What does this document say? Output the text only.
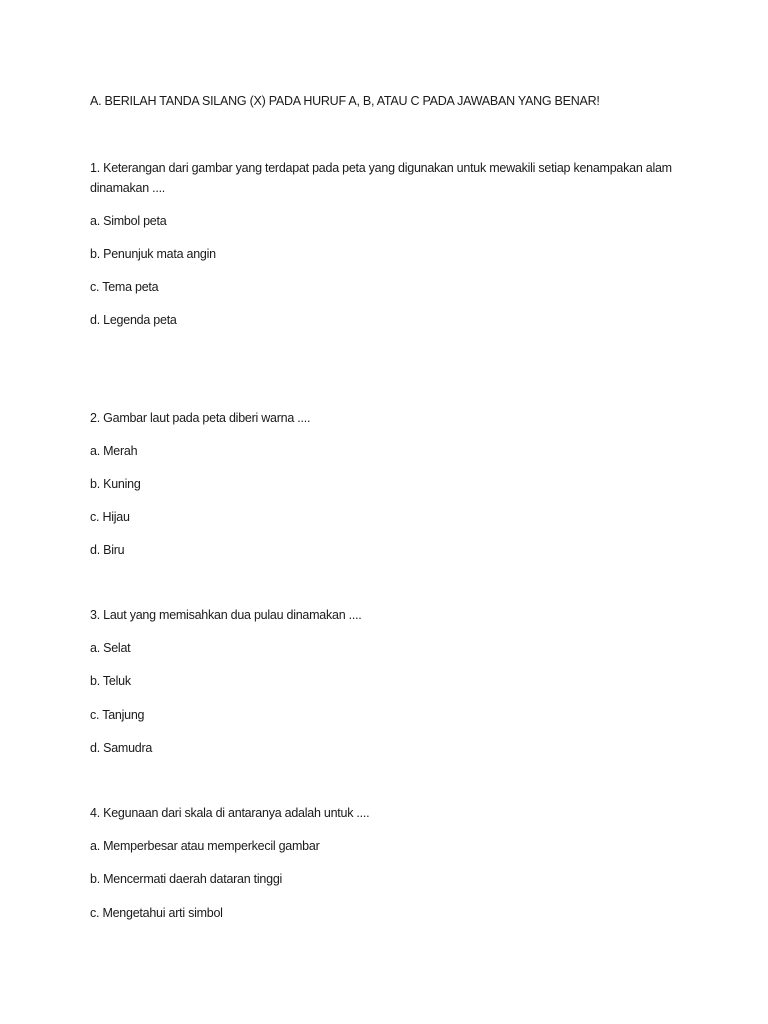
A. BERILAH TANDA SILANG (X) PADA HURUF A, B, ATAU C PADA JAWABAN YANG BENAR!
1. Keterangan dari gambar yang terdapat pada peta yang digunakan untuk mewakili setiap kenampakan alam dinamakan ....
a. Simbol peta
b. Penunjuk mata angin
c. Tema peta
d. Legenda peta
2. Gambar laut pada peta diberi warna ....
a. Merah
b. Kuning
c. Hijau
d. Biru
3. Laut yang memisahkan dua pulau dinamakan ....
a. Selat
b. Teluk
c. Tanjung
d. Samudra
4. Kegunaan dari skala di antaranya adalah untuk ....
a. Memperbesar atau memperkecil gambar
b. Mencermati daerah dataran tinggi
c. Mengetahui arti simbol
